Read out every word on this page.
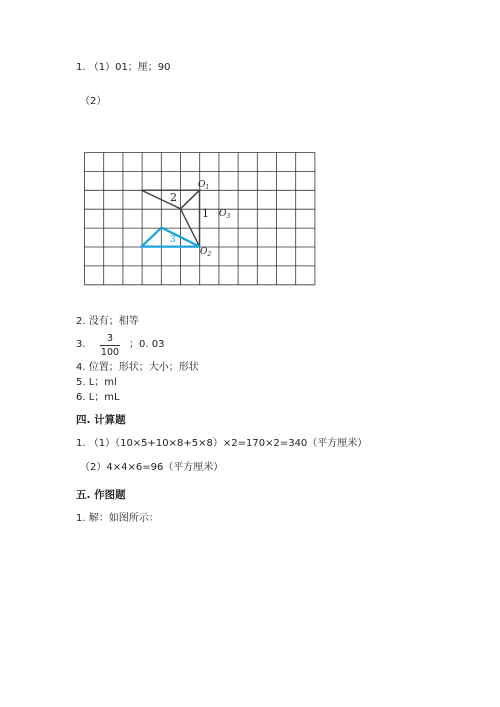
1. （1）01；厘；90
（2）
2
1
3
$O_1$
$O_3$
$O_2$
2. 没有；相等
3.
3
100
；0. 03
4. 位置；形状；大小；形状
5. L；ml
6. L；mL
四. 计算题
1. （1）（10×5+10×8+5×8）×2=170×2=340（平方厘米）
（2）4×4×6=96（平方厘米）
五. 作图题
1. 解：如图所示：
